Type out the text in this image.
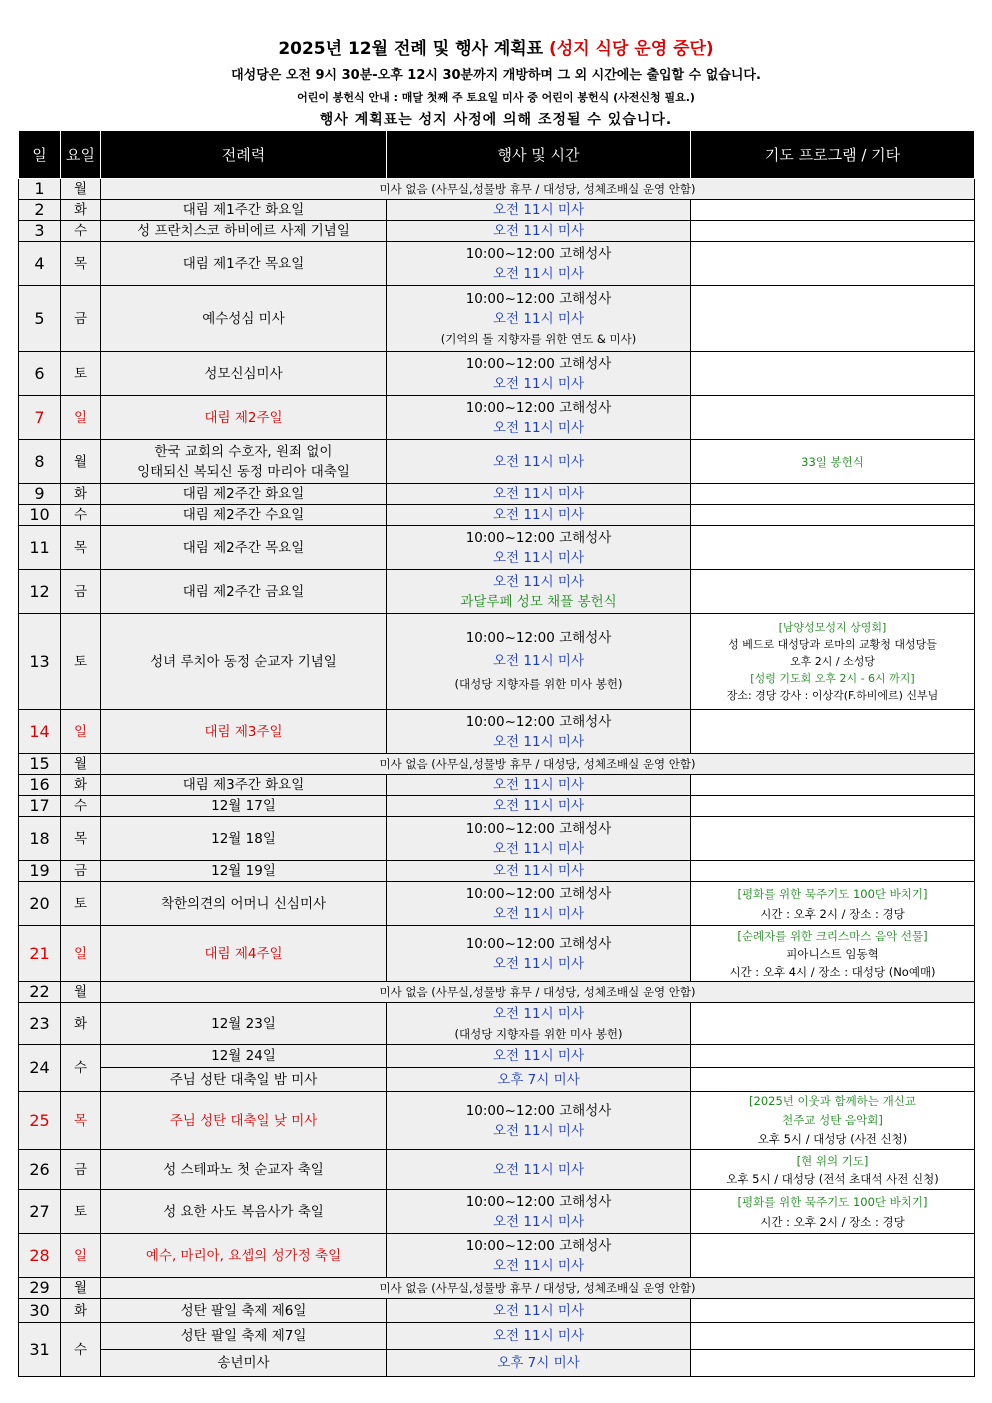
2025년 12월 전례 및 행사 계획표 (성지 식당 운영 중단)
대성당은 오전 9시 30분-오후 12시 30분까지 개방하며 그 외 시간에는 출입할 수 없습니다.
어린이 봉헌식 안내 : 매달 첫째 주 토요일 미사 중 어린이 봉헌식 (사전신청 필요.)
행사 계획표는 성지 사정에 의해 조정될 수 있습니다.
일	요일	전례력	행사 및 시간	기도 프로그램 / 기타
1	월	미사 없음 (사무실,성물방 휴무 / 대성당, 성체조배실 운영 안함)		
2	화	대림 제1주간 화요일	오전 11시 미사	
3	수	성 프란치스코 하비에르 사제 기념일	오전 11시 미사	
4	목	대림 제1주간 목요일	10:00~12:00 고해성사
오전 11시 미사	

5	금	예수성심 미사	10:00~12:00 고해성사
오전 11시 미사
(기억의 돌 지향자를 위한 연도 & 미사)	

6	토	성모신심미사	10:00~12:00 고해성사
오전 11시 미사	

7	일	대림 제2주일	10:00~12:00 고해성사
오전 11시 미사	

8	월	한국 교회의 수호자, 원죄 없이
잉태되신 복되신 동정 마리아 대축일	오전 11시 미사	33일 봉헌식
9	화	대림 제2주간 화요일	오전 11시 미사	
10	수	대림 제2주간 수요일	오전 11시 미사	
11	목	대림 제2주간 목요일	10:00~12:00 고해성사
오전 11시 미사	

12	금	대림 제2주간 금요일	오전 11시 미사
과달루페 성모 채플 봉헌식	

13	토	성녀 루치아 동정 순교자 기념일	10:00~12:00 고해성사
오전 11시 미사
(대성당 지향자를 위한 미사 봉헌)	[남양성모성지 상영회]
성 베드로 대성당과 로마의 교황청 대성당들
오후 2시 / 소성당
[성령 기도회 오후 2시 - 6시 까지]
장소: 경당 강사 : 이상각(F.하비에르) 신부님

14	일	대림 제3주일	10:00~12:00 고해성사
오전 11시 미사	

15	월	미사 없음 (사무실,성물방 휴무 / 대성당, 성체조배실 운영 안함)		
16	화	대림 제3주간 화요일	오전 11시 미사	
17	수	12월 17일	오전 11시 미사	
18	목	12월 18일	10:00~12:00 고해성사
오전 11시 미사	

19	금	12월 19일	오전 11시 미사	
20	토	착한의견의 어머니 신심미사	10:00~12:00 고해성사
오전 11시 미사	[평화를 위한 묵주기도 100단 바치기]
시간 : 오후 2시 / 장소 : 경당

21	일	대림 제4주일	10:00~12:00 고해성사
오전 11시 미사	[순례자를 위한 크리스마스 음악 선물]
피아니스트 임동혁
시간 : 오후 4시 / 장소 : 대성당 (No예매)

22	월	미사 없음 (사무실,성물방 휴무 / 대성당, 성체조배실 운영 안함)		
23	화	12월 23일	오전 11시 미사
(대성당 지향자를 위한 미사 봉헌)	

24	수	12월 24일	오전 11시 미사	
		주님 성탄 대축일 밤 미사	오후 7시 미사	
25	목	주님 성탄 대축일 낮 미사	10:00~12:00 고해성사
오전 11시 미사	[2025년 이웃과 함께하는 개신교
천주교 성탄 음악회]
오후 5시 / 대성당 (사전 신청)

26	금	성 스테파노 첫 순교자 축일	오전 11시 미사	[현 위의 기도]
오후 5시 / 대성당 (전석 초대석 사전 신청)

27	토	성 요한 사도 복음사가 축일	10:00~12:00 고해성사
오전 11시 미사	[평화를 위한 묵주기도 100단 바치기]
시간 : 오후 2시 / 장소 : 경당

28	일	예수, 마리아, 요셉의 성가정 축일	10:00~12:00 고해성사
오전 11시 미사	

29	월	미사 없음 (사무실,성물방 휴무 / 대성당, 성체조배실 운영 안함)		
30	화	성탄 팔일 축제 제6일	오전 11시 미사	
31	수	성탄 팔일 축제 제7일	오전 11시 미사	
		송년미사	오후 7시 미사	
